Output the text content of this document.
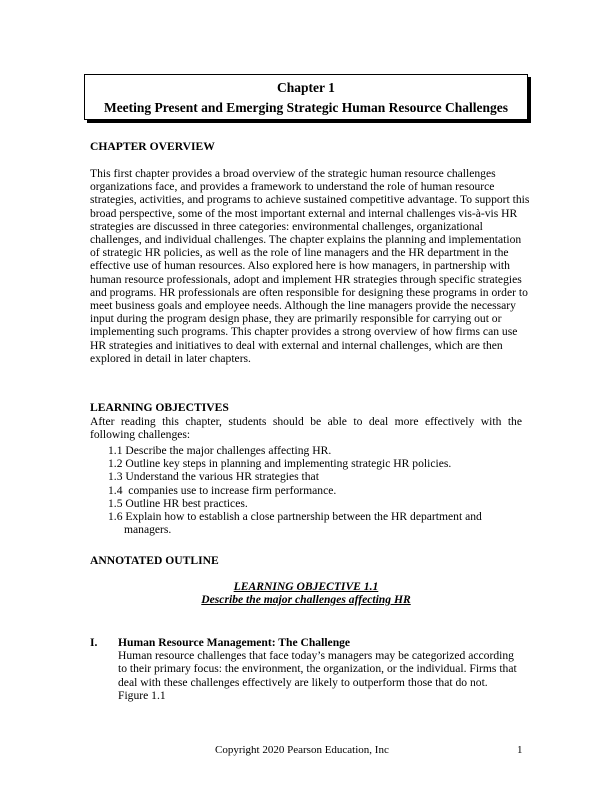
Chapter 1
Meeting Present and Emerging Strategic Human Resource Challenges
CHAPTER OVERVIEW
This first chapter provides a broad overview of the strategic human resource challenges organizations face, and provides a framework to understand the role of human resource strategies, activities, and programs to achieve sustained competitive advantage. To support this broad perspective, some of the most important external and internal challenges vis-à-vis HR strategies are discussed in three categories: environmental challenges, organizational challenges, and individual challenges. The chapter explains the planning and implementation of strategic HR policies, as well as the role of line managers and the HR department in the effective use of human resources. Also explored here is how managers, in partnership with human resource professionals, adopt and implement HR strategies through specific strategies and programs. HR professionals are often responsible for designing these programs in order to meet business goals and employee needs. Although the line managers provide the necessary input during the program design phase, they are primarily responsible for carrying out or implementing such programs. This chapter provides a strong overview of how firms can use HR strategies and initiatives to deal with external and internal challenges, which are then explored in detail in later chapters.
LEARNING OBJECTIVES
After reading this chapter, students should be able to deal more effectively with the following challenges:
1.1 Describe the major challenges affecting HR.
1.2 Outline key steps in planning and implementing strategic HR policies.
1.3 Understand the various HR strategies that
1.4  companies use to increase firm performance.
1.5 Outline HR best practices.
1.6 Explain how to establish a close partnership between the HR department and managers.
ANNOTATED OUTLINE
LEARNING OBJECTIVE 1.1
Describe the major challenges affecting HR
I. Human Resource Management: The Challenge
Human resource challenges that face today’s managers may be categorized according to their primary focus: the environment, the organization, or the individual. Firms that deal with these challenges effectively are likely to outperform those that do not. Figure 1.1
Copyright 2020 Pearson Education, Inc	1
